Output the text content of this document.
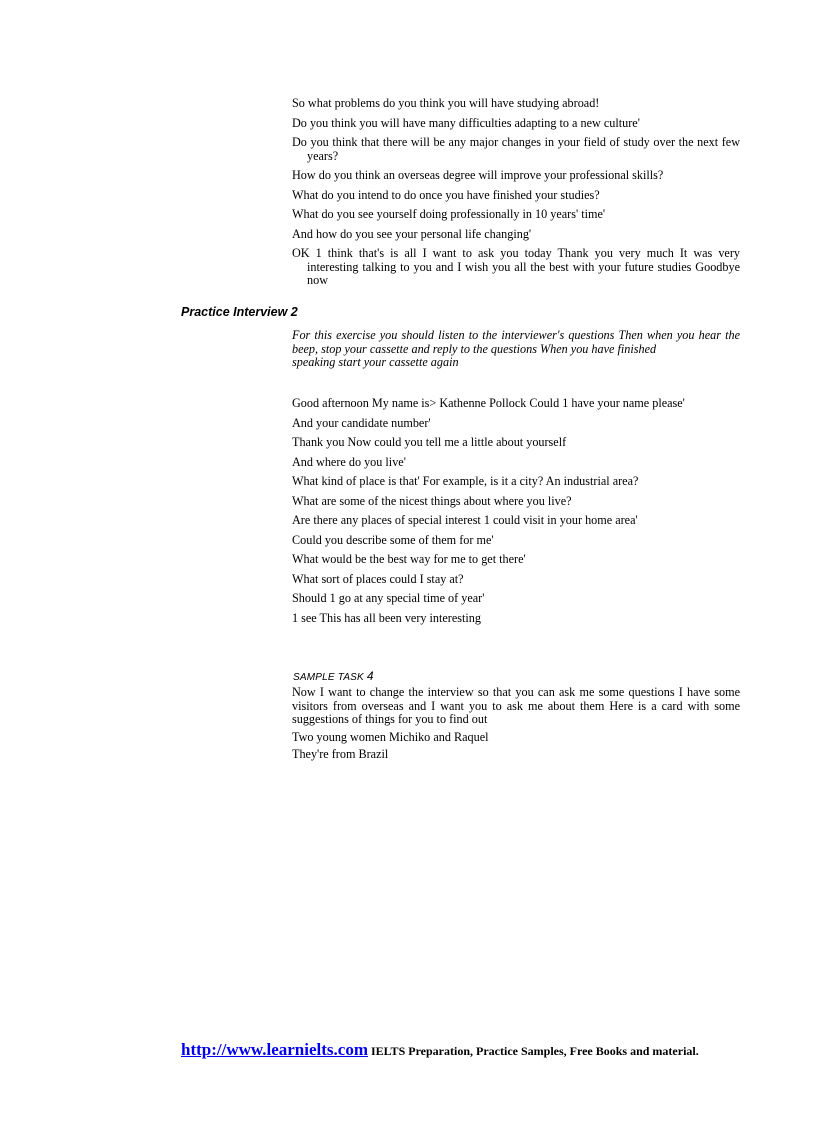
So what problems do you think you will have studying abroad!

Do you think you will have many difficulties adapting to a new culture'

Do you think that there will be any major changes in your field of study over the next few years?

How do you think an overseas degree will improve your professional skills?

What do you intend to do once you have finished your studies?

What do you see yourself doing professionally in 10 years' time'

And how do you see your personal life changing'

OK 1 think that's is all I want to ask you today Thank you very much It was very interesting talking to you and I wish you all the best with your future studies Goodbye now

Practice Interview 2

For this exercise you should listen to the interviewer's questions Then when you hear the beep, stop your cassette and reply to the questions When you have finished

speaking start your cassette again

Good afternoon My name is> Kathenne Pollock Could 1 have your name please'

And your candidate number'

Thank you Now could you tell me a little about yourself

And where do you live'

What kind of place is that' For example, is it a city? An industrial area?

What are some of the nicest things about where you live?

Are there any places of special interest 1 could visit in your home area'

Could you describe some of them for me'

What would be the best way for me to get there'

What sort of places could I stay at?

Should 1 go at any special time of year'

1 see This has all been very interesting

SAMPLE TASK 4

Now I want to change the interview so that you can ask me some questions I have some visitors from overseas and I want you to ask me about them Here is a card with some suggestions of things for you to find out

Two young women Michiko and Raquel

They're from Brazil

http://www.learnielts.com IELTS Preparation, Practice Samples, Free Books and material.
